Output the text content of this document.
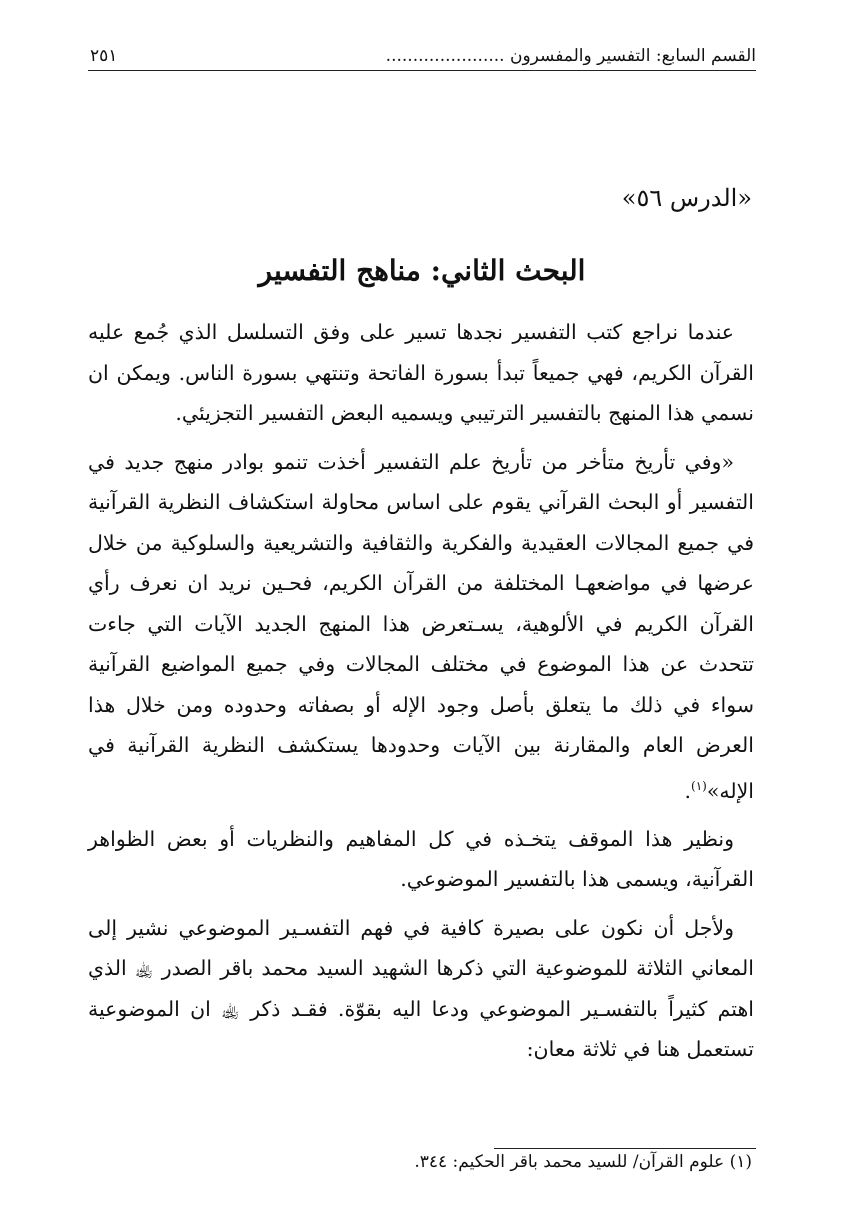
القسم السابع: التفسير والمفسرون ......................
٢٥١
«الدرس ٥٦»
البحث الثاني: مناهج التفسير

عندما نراجع كتب التفسير نجدها تسير على وفق التسلسل الذي جُمع عليه القرآن الكريم، فهي جميعاً تبدأ بسورة الفاتحة وتنتهي بسورة الناس. ويمكن ان نسمي هذا المنهج بالتفسير الترتيبي ويسميه البعض التفسير التجزيئي.

«وفي تأريخ متأخر من تأريخ علم التفسير أخذت تنمو بوادر منهج جديد في التفسير أو البحث القرآني يقوم على اساس محاولة استكشاف النظرية القرآنية في جميع المجالات العقيدية والفكرية والثقافية والتشريعية والسلوكية من خلال عرضها في مواضعهـا المختلفة من القرآن الكريم، فحـين نريد ان نعرف رأي القرآن الكريم في الألوهية، يسـتعرض هذا المنهج الجديد الآيات التي جاءت تتحدث عن هذا الموضوع في مختلف المجالات وفي جميع المواضيع القرآنية سواء في ذلك ما يتعلق بأصل وجود الإله أو بصفاته وحدوده ومن خلال هذا العرض العام والمقارنة بين الآيات وحدودها يستكشف النظرية القرآنية في الإله»$^{(١)}$.

ونظير هذا الموقف يتخـذه في كل المفاهيم والنظريات أو بعض الظواهر القرآنية، ويسمى هذا بالتفسير الموضوعي.

ولأجل أن نكون على بصيرة كافية في فهم التفسـير الموضوعي نشير إلى المعاني الثلاثة للموضوعية التي ذكرها الشهيد السيد محمد باقر الصدر ﵀ الذي اهتم كثيراً بالتفسـير الموضوعي ودعا اليه بقوّة. فقـد ذكر ﵀ ان الموضوعية تستعمل هنا في ثلاثة معان:

(١) علوم القرآن/ للسيد محمد باقر الحكيم: ٣٤٤.
